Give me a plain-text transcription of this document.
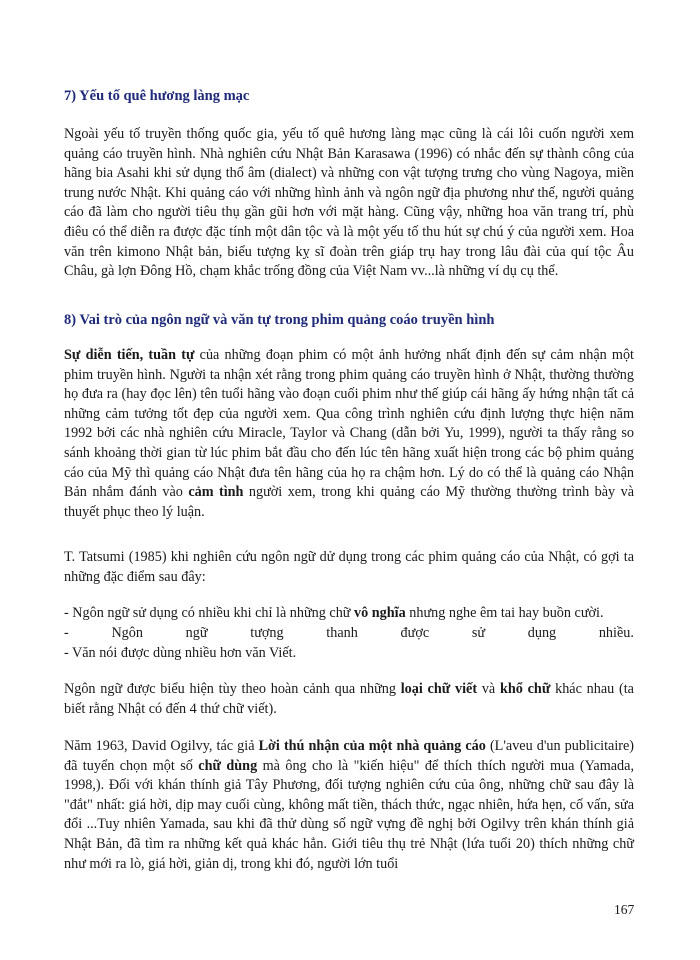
7) Yếu tố quê hương làng mạc

Ngoài yếu tố truyền thống quốc gia, yếu tố quê hương làng mạc cũng là cái lôi cuốn người xem quảng cáo truyền hình. Nhà nghiên cứu Nhật Bản Karasawa (1996) có nhắc đến sự thành công của hãng bia Asahi khi sử dụng thổ âm (dialect) và những con vật tượng trưng cho vùng Nagoya, miền trung nước Nhật. Khi quảng cáo với những hình ảnh và ngôn ngữ địa phương như thế, người quảng cáo đã làm cho người tiêu thụ gần gũi hơn với mặt hàng. Cũng vậy, những hoa văn trang trí, phù điêu có thể diễn ra được đặc tính một dân tộc và là một yếu tố thu hút sự chú ý của người xem. Hoa văn trên kimono Nhật bản, biểu tượng kỵ sĩ đoàn trên giáp trụ hay trong lâu đài của quí tộc Âu Châu, gà lợn Đông Hồ, chạm khắc trống đồng của Việt Nam vv...là những ví dụ cụ thể.

8) Vai trò của ngôn ngữ và văn tự trong phim quảng coáo truyền hình

Sự diễn tiến, tuần tự của những đoạn phim có một ảnh hưởng nhất định đến sự cảm nhận một phim truyền hình. Người ta nhận xét rằng trong phim quảng cáo truyền hình ở Nhật, thường thường họ đưa ra (hay đọc lên) tên tuổi hãng vào đoạn cuối phim như thế giúp cái hãng ấy hứng nhận tất cả những cảm tưởng tốt đẹp của người xem. Qua công trình nghiên cứu định lượng thực hiện năm 1992 bởi các nhà nghiên cứu Miracle, Taylor và Chang (dẫn bởi Yu, 1999), người ta thấy rằng so sánh khoảng thời gian từ lúc phim bắt đầu cho đến lúc tên hãng xuất hiện trong các bộ phim quảng cáo của Mỹ thì quảng cáo Nhật đưa tên hãng của họ ra chậm hơn. Lý do có thể là quảng cáo Nhận Bản nhắm đánh vào cảm tình người xem, trong khi quảng cáo Mỹ thường thường trình bày và thuyết phục theo lý luận.

T. Tatsumi (1985) khi nghiên cứu ngôn ngữ dử dụng trong các phim quảng cáo của Nhật, có gợi ta những đặc điểm sau đây:

- Ngôn ngữ sử dụng có nhiều khi chỉ là những chữ vô nghĩa nhưng nghe êm tai hay buồn cười.

-	Ngôn	ngữ	tượng	thanh	được	sử	dụng	nhiều.

- Văn nói được dùng nhiều hơn văn Viết.

Ngôn ngữ được biểu hiện tùy theo hoàn cảnh qua những loại chữ viết và khổ chữ khác nhau (ta biết rằng Nhật có đến 4 thứ chữ viết).

Năm 1963, David Ogilvy, tác giả Lời thú nhận của một nhà quảng cáo (L'aveu d'un publicitaire) đã tuyển chọn một số chữ dùng mà ông cho là "kiến hiệu" để thích thích người mua (Yamada, 1998,). Đối với khán thính giả Tây Phương, đối tượng nghiên cứu của ông, những chữ sau đây là "đắt" nhất: giá hời, dịp may cuối cùng, không mất tiền, thách thức, ngạc nhiên, hứa hẹn, cố vấn, sửa đổi ...Tuy nhiên Yamada, sau khi đã thử dùng số ngữ vựng đề nghị bởi Ogilvy trên khán thính giả Nhật Bản, đã tìm ra những kết quả khác hẳn. Giới tiêu thụ trẻ Nhật (lứa tuổi 20) thích những chữ như mới ra lò, giá hời, giản dị, trong khi đó, người lớn tuổi

167
